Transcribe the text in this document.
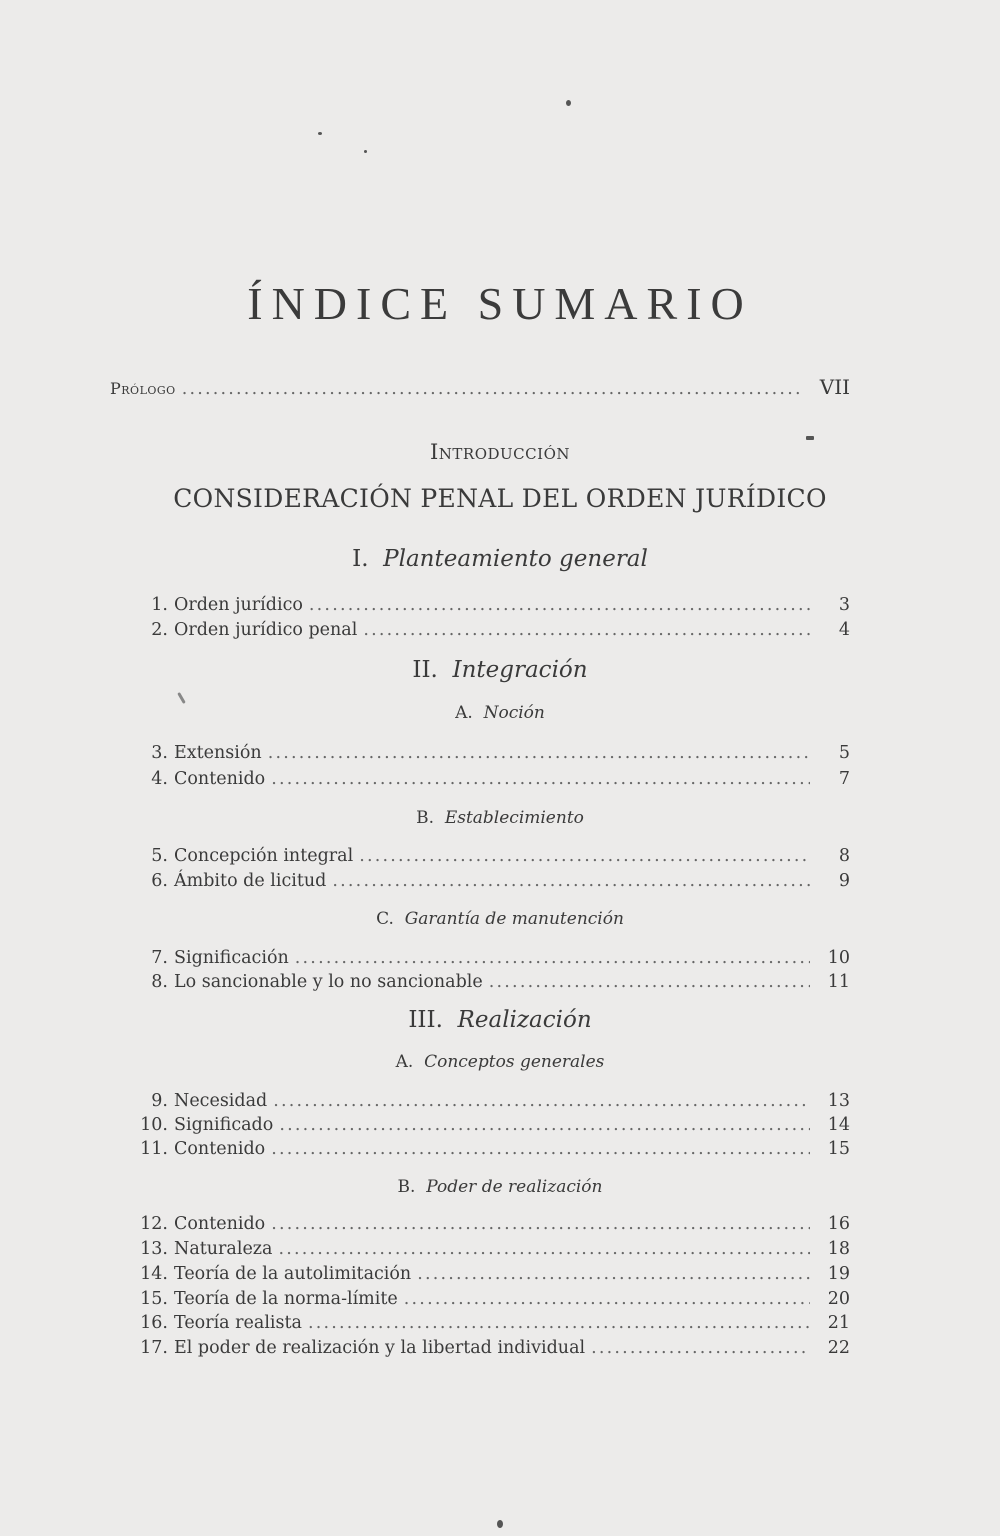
ÍNDICE SUMARIO
Prólogo .....	VII
Introducción
CONSIDERACIÓN PENAL DEL ORDEN JURÍDICO
I. Planteamiento general
1. Orden jurídico .....	3
2. Orden jurídico penal .....	4
II. Integración
A. Noción
3. Extensión .....	5
4. Contenido .....	7
B. Establecimiento
5. Concepción integral .....	8
6. Ámbito de licitud .....	9
C. Garantía de manutención
7. Significación .....	10
8. Lo sancionable y lo no sancionable .....	11
III. Realización
A. Conceptos generales
9. Necesidad .....	13
10. Significado .....	14
11. Contenido .....	15
B. Poder de realización
12. Contenido .....	16
13. Naturaleza .....	18
14. Teoría de la autolimitación .....	19
15. Teoría de la norma-límite .....	20
16. Teoría realista .....	21
17. El poder de realización y la libertad individual .....	22
